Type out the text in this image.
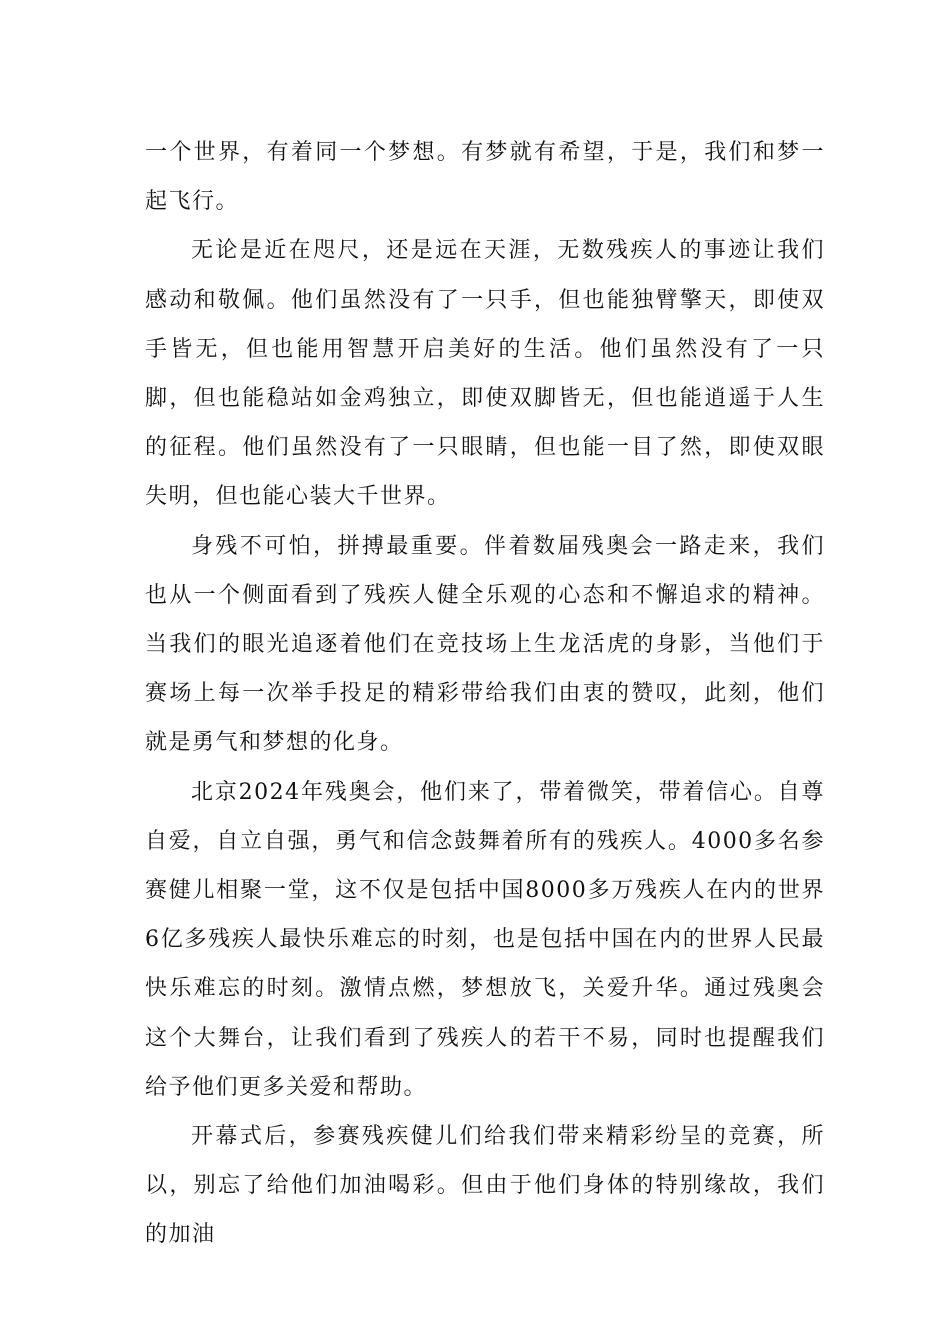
一个世界，有着同一个梦想。有梦就有希望，于是，我们和梦一起飞行。

无论是近在咫尺，还是远在天涯，无数残疾人的事迹让我们感动和敬佩。他们虽然没有了一只手，但也能独臂擎天，即使双手皆无，但也能用智慧开启美好的生活。他们虽然没有了一只脚，但也能稳站如金鸡独立，即使双脚皆无，但也能逍遥于人生的征程。他们虽然没有了一只眼睛，但也能一目了然，即使双眼失明，但也能心装大千世界。

身残不可怕，拼搏最重要。伴着数届残奥会一路走来，我们也从一个侧面看到了残疾人健全乐观的心态和不懈追求的精神。当我们的眼光追逐着他们在竞技场上生龙活虎的身影，当他们于赛场上每一次举手投足的精彩带给我们由衷的赞叹，此刻，他们就是勇气和梦想的化身。

北京2024年残奥会，他们来了，带着微笑，带着信心。自尊自爱，自立自强，勇气和信念鼓舞着所有的残疾人。4000多名参赛健儿相聚一堂，这不仅是包括中国8000多万残疾人在内的世界6亿多残疾人最快乐难忘的时刻，也是包括中国在内的世界人民最快乐难忘的时刻。激情点燃，梦想放飞，关爱升华。通过残奥会这个大舞台，让我们看到了残疾人的若干不易，同时也提醒我们给予他们更多关爱和帮助。

开幕式后，参赛残疾健儿们给我们带来精彩纷呈的竞赛，所以，别忘了给他们加油喝彩。但由于他们身体的特别缘故，我们的加油
